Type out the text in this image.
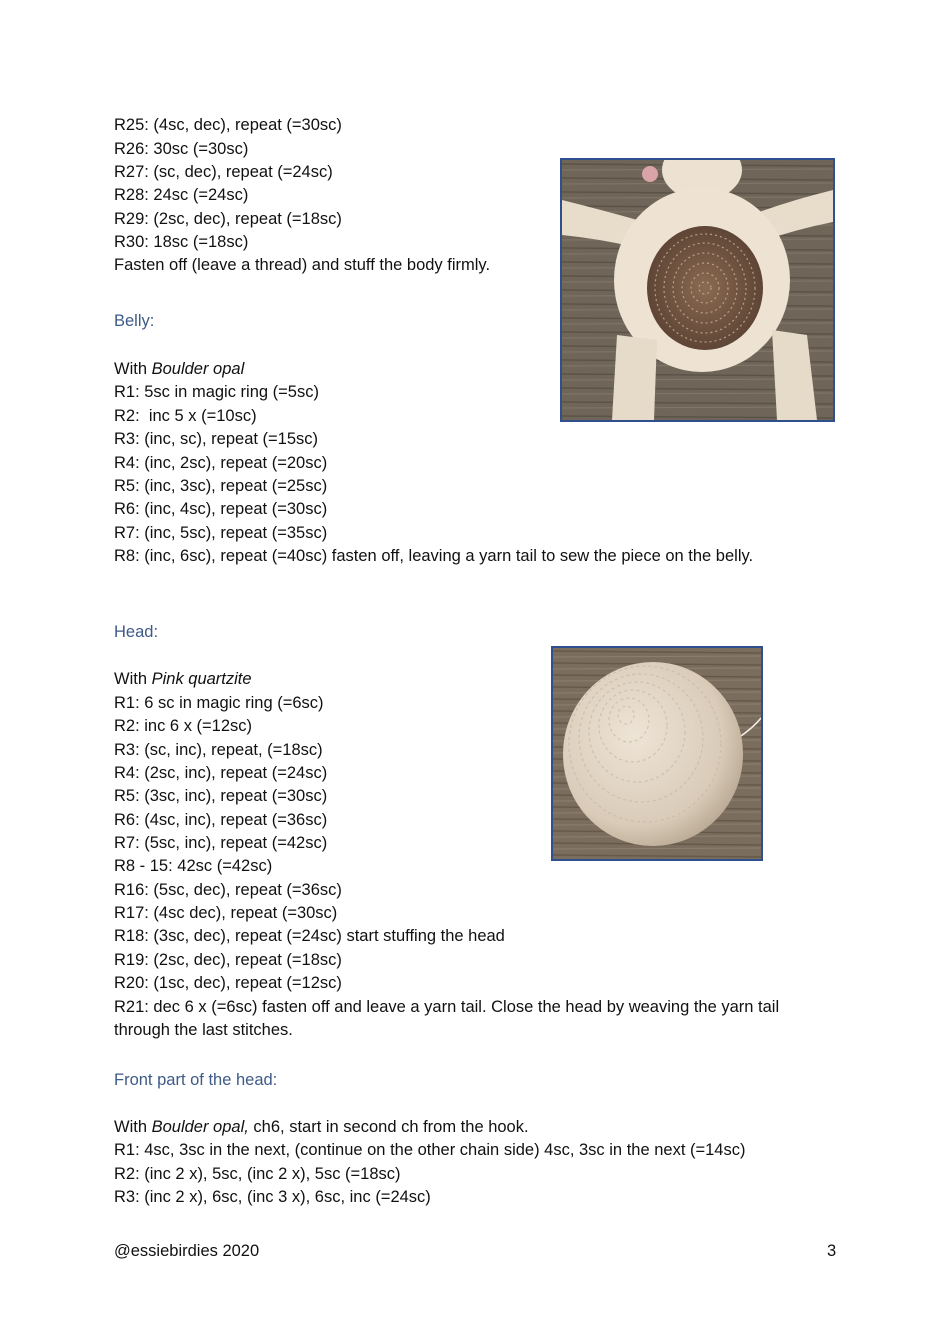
R25: (4sc, dec), repeat (=30sc)
R26: 30sc (=30sc)
R27: (sc, dec), repeat (=24sc)
R28: 24sc (=24sc)
R29: (2sc, dec), repeat (=18sc)
R30: 18sc (=18sc)
Fasten off (leave a thread) and stuff the body firmly.
Belly:
With Boulder opal
R1: 5sc in magic ring (=5sc)
R2:  inc 5 x (=10sc)
R3: (inc, sc), repeat (=15sc)
R4: (inc, 2sc), repeat (=20sc)
R5: (inc, 3sc), repeat (=25sc)
R6: (inc, 4sc), repeat (=30sc)
R7: (inc, 5sc), repeat (=35sc)
R8: (inc, 6sc), repeat (=40sc) fasten off, leaving a yarn tail to sew the piece on the belly.
Head:
With Pink quartzite
R1: 6 sc in magic ring (=6sc)
R2: inc 6 x (=12sc)
R3: (sc, inc), repeat, (=18sc)
R4: (2sc, inc), repeat (=24sc)
R5: (3sc, inc), repeat (=30sc)
R6: (4sc, inc), repeat (=36sc)
R7: (5sc, inc), repeat (=42sc)
R8 - 15: 42sc (=42sc)
R16: (5sc, dec), repeat (=36sc)
R17: (4sc dec), repeat (=30sc)
R18: (3sc, dec), repeat (=24sc) start stuffing the head
R19: (2sc, dec), repeat (=18sc)
R20: (1sc, dec), repeat (=12sc)
R21: dec 6 x (=6sc) fasten off and leave a yarn tail. Close the head by weaving the yarn tail through the last stitches.
Front part of the head:
With Boulder opal, ch6, start in second ch from the hook.
R1: 4sc, 3sc in the next, (continue on the other chain side) 4sc, 3sc in the next (=14sc)
R2: (inc 2 x), 5sc, (inc 2 x), 5sc (=18sc)
R3: (inc 2 x), 6sc, (inc 3 x), 6sc, inc (=24sc)
@essiebirdies 2020	3
